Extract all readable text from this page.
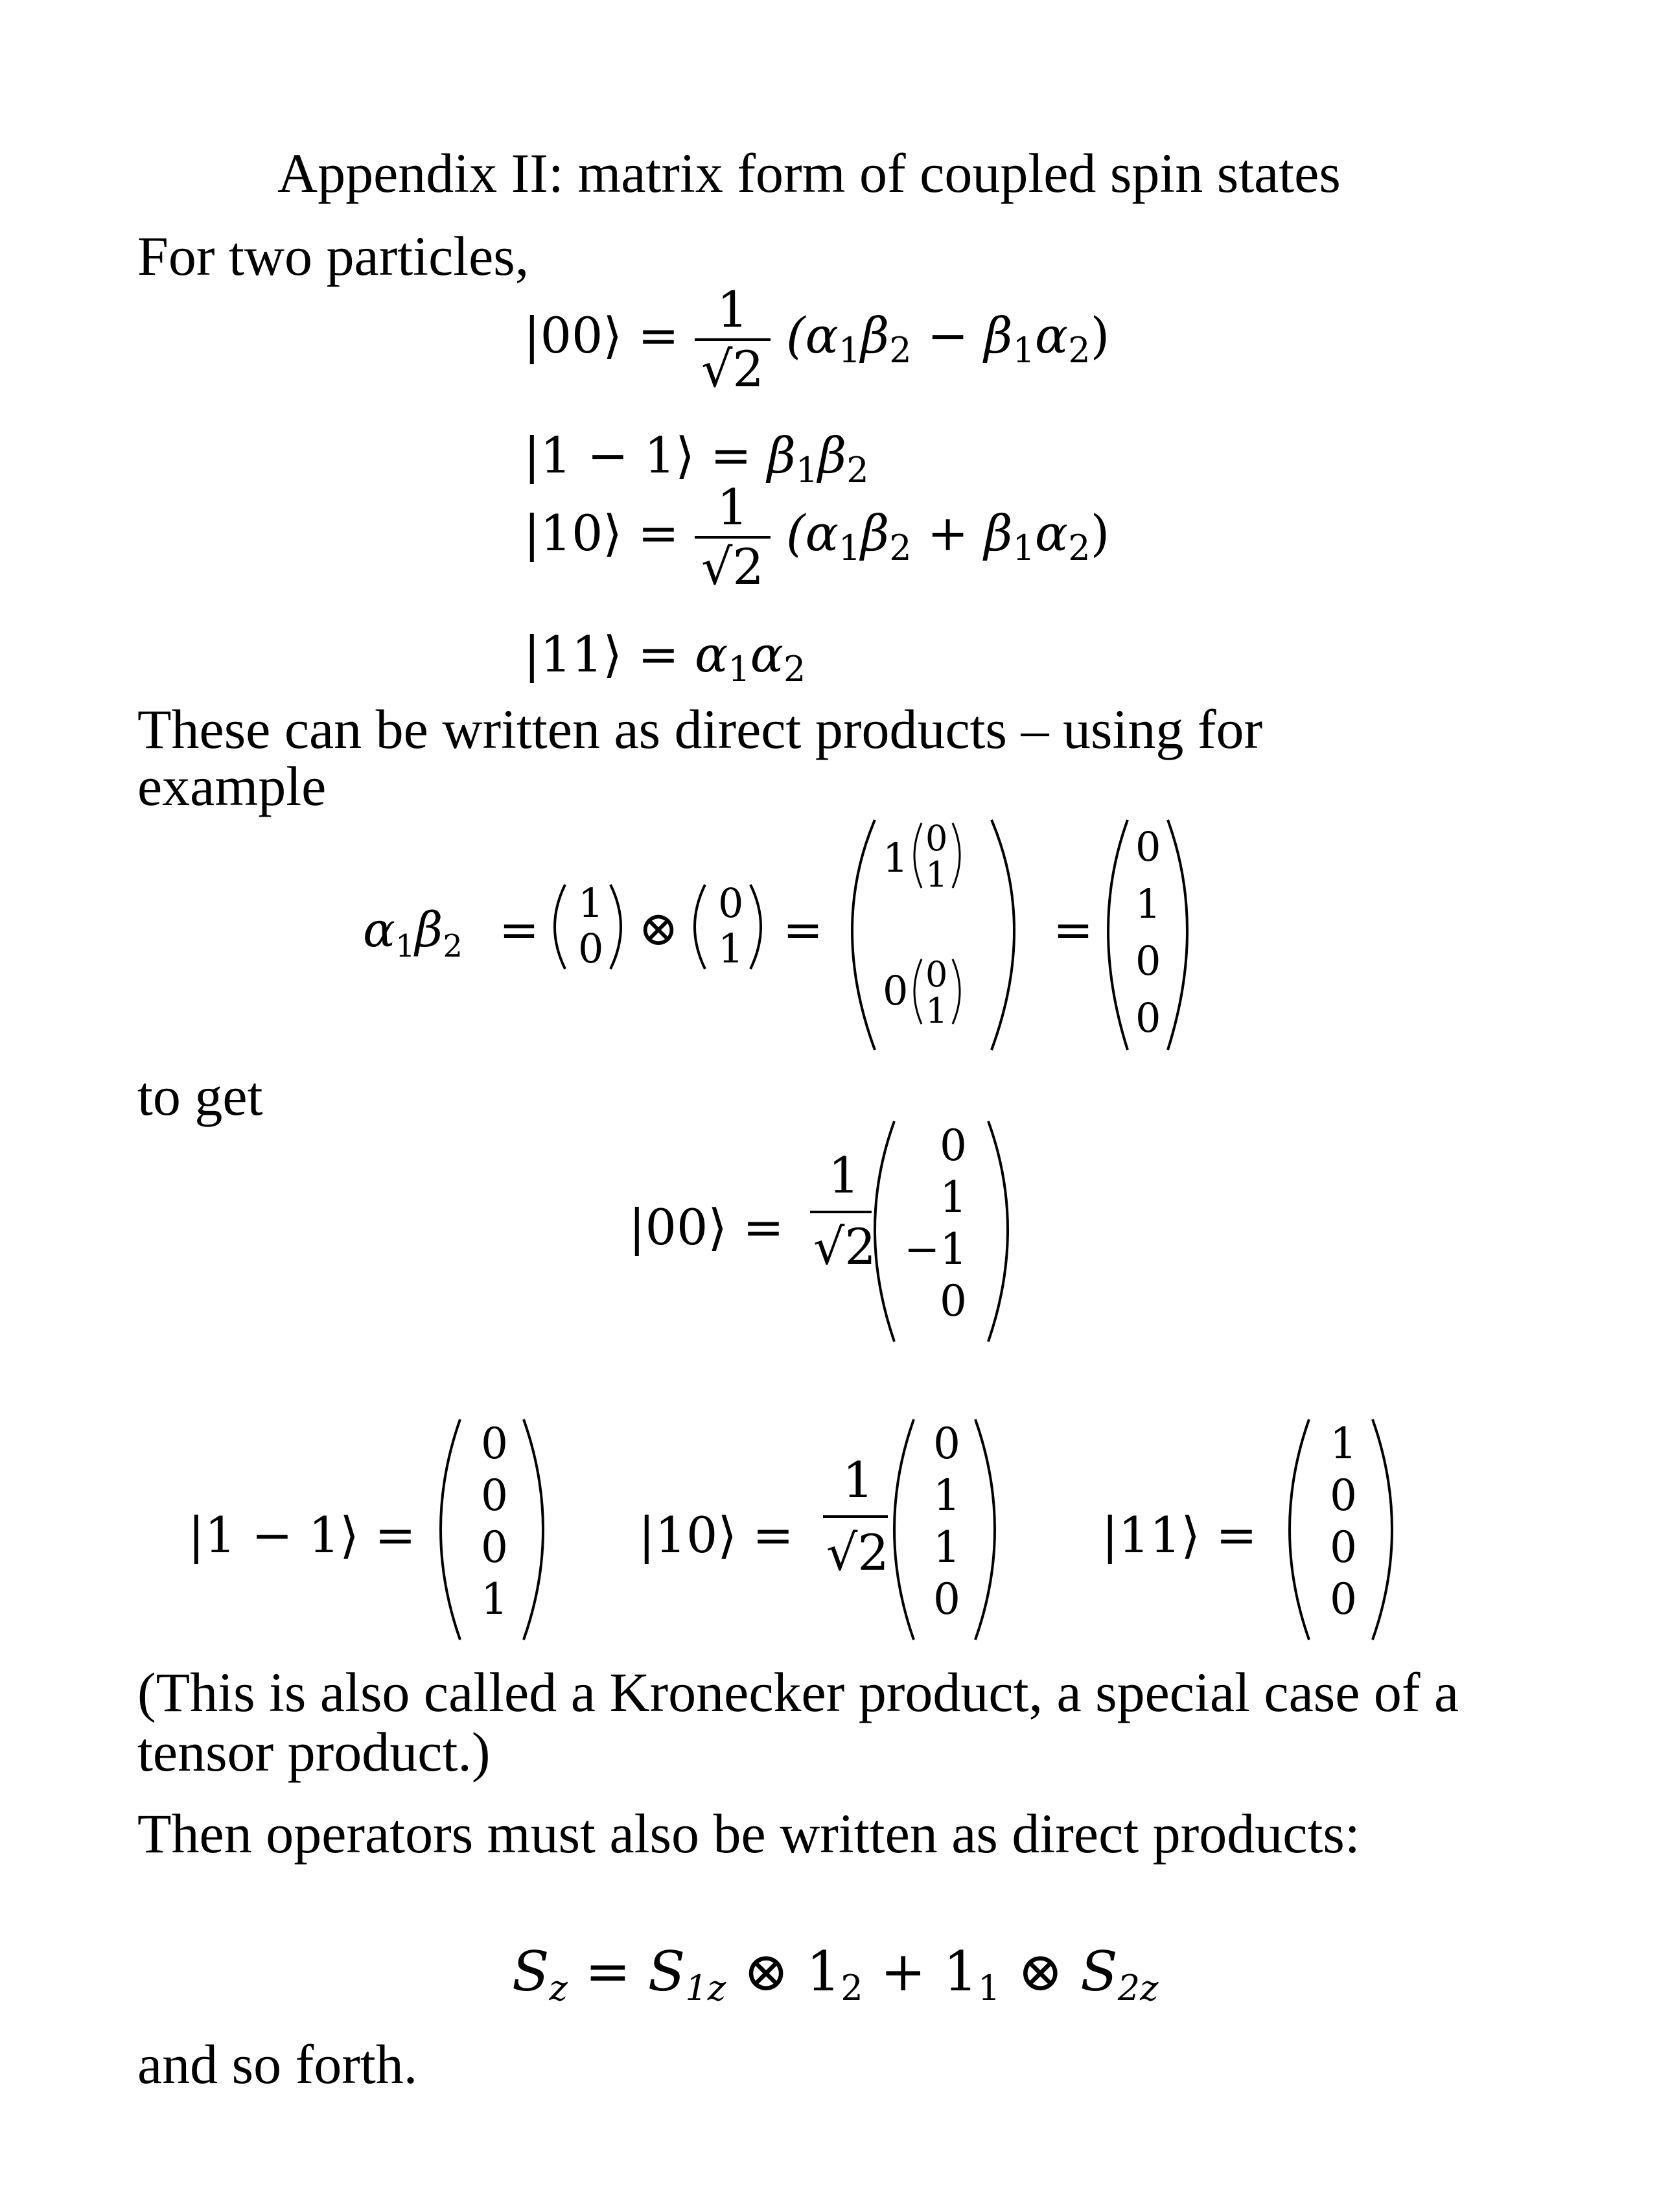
Appendix II: matrix form of coupled spin states
For two particles,
|00⟩ = $\frac{1}{√2} (\alpha_1\beta_2 - \beta_1\alpha_2)$
|1 − 1⟩ = $\beta_1\beta_2$
|10⟩ = $\frac{1}{√2} (\alpha_1\beta_2 + \beta_1\alpha_2)$
|11⟩ = $\alpha_1\alpha_2$
These can be written as direct products – using for
example
$\alpha_1\beta_2 = 1$
0 ⊗ 0
1 =
1 0
1
0 0
1
=
0
1
0
0
to get
|00⟩ =
1
√2
0
1
−1
0
|1 − 1⟩ =
0
0
0
1
|10⟩ =
1
√2
0
1
1
0
|11⟩ =
1
0
0
0
(This is also called a Kronecker product, a special case of a
tensor product.)
Then operators must also be written as direct products:
$S_z = S_{1z}$ ⊗ $1_2 + 1_1$ ⊗ $S_{2z}$
and so forth.
